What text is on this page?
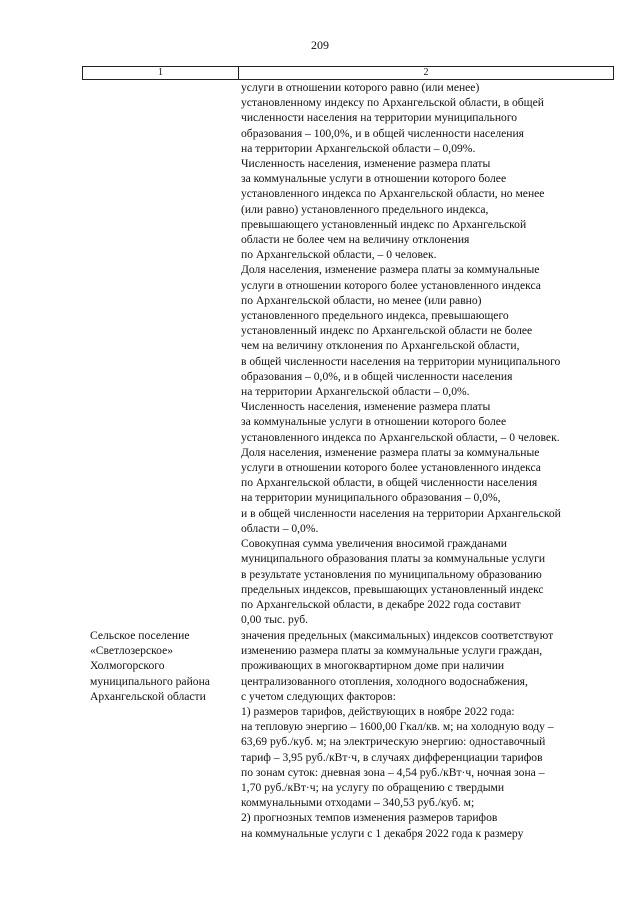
209
1	2
услуги в отношении которого равно (или менее)
установленному индексу по Архангельской области, в общей
численности населения на территории муниципального
образования – 100,0%, и в общей численности населения
на территории Архангельской области – 0,09%.
Численность населения, изменение размера платы
за коммунальные услуги в отношении которого более
установленного индекса по Архангельской области, но менее
(или равно) установленного предельного индекса,
превышающего установленный индекс по Архангельской
области не более чем на величину отклонения
по Архангельской области, – 0 человек.
Доля населения, изменение размера платы за коммунальные
услуги в отношении которого более установленного индекса
по Архангельской области, но менее (или равно)
установленного предельного индекса, превышающего
установленный индекс по Архангельской области не более
чем на величину отклонения по Архангельской области,
в общей численности населения на территории муниципального
образования – 0,0%, и в общей численности населения
на территории Архангельской области – 0,0%.
Численность населения, изменение размера платы
за коммунальные услуги в отношении которого более
установленного индекса по Архангельской области, – 0 человек.
Доля населения, изменение размера платы за коммунальные
услуги в отношении которого более установленного индекса
по Архангельской области, в общей численности населения
на территории муниципального образования – 0,0%,
и в общей численности населения на территории Архангельской
области – 0,0%.
Совокупная сумма увеличения вносимой гражданами
муниципального образования платы за коммунальные услуги
в результате установления по муниципальному образованию
предельных индексов, превышающих установленный индекс
по Архангельской области, в декабре 2022 года составит
0,00 тыс. руб.
Сельское поселение
«Светлозерское»
Холмогорского
муниципального района
Архангельской области
значения предельных (максимальных) индексов соответствуют
изменению размера платы за коммунальные услуги граждан,
проживающих в многоквартирном доме при наличии
централизованного отопления, холодного водоснабжения,
с учетом следующих факторов:
1) размеров тарифов, действующих в ноябре 2022 года:
на тепловую энергию – 1600,00 Гкал/кв. м; на холодную воду –
63,69 руб./куб. м; на электрическую энергию: одноставочный
тариф – 3,95 руб./кВт·ч, в случаях дифференциации тарифов
по зонам суток: дневная зона – 4,54 руб./кВт·ч, ночная зона –
1,70 руб./кВт·ч; на услугу по обращению с твердыми
коммунальными отходами – 340,53 руб./куб. м;
2) прогнозных темпов изменения размеров тарифов
на коммунальные услуги с 1 декабря 2022 года к размеру
